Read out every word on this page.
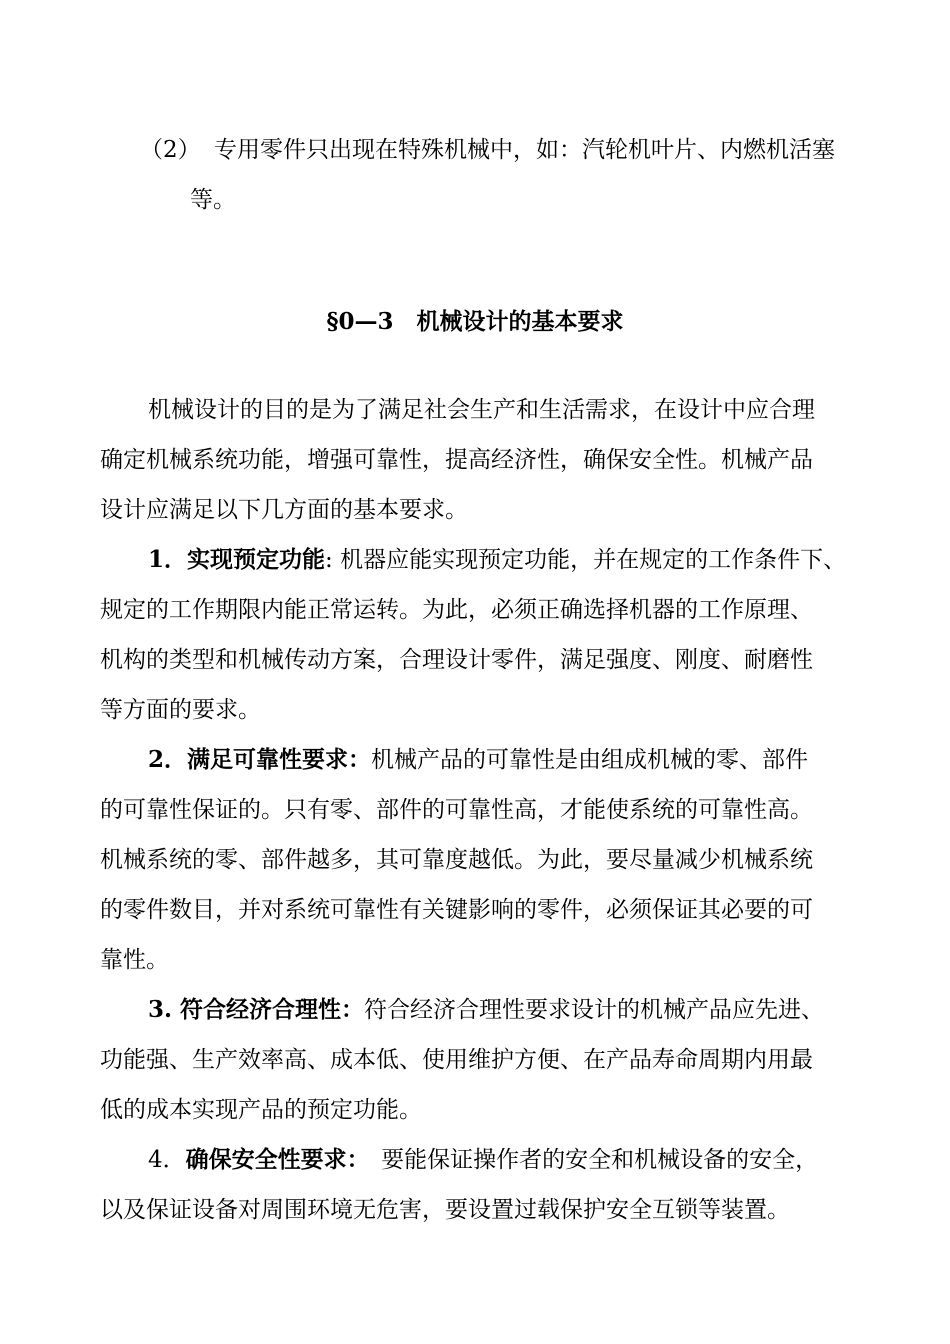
（2） 专用零件只出现在特殊机械中，如：汽轮机叶片、内燃机活塞
等。
§0—3　机械设计的基本要求
机械设计的目的是为了满足社会生产和生活需求，在设计中应合理
确定机械系统功能，增强可靠性，提高经济性，确保安全性。机械产品
设计应满足以下几方面的基本要求。
1．实现预定功能: 机器应能实现预定功能，并在规定的工作条件下、
规定的工作期限内能正常运转。为此，必须正确选择机器的工作原理、
机构的类型和机械传动方案，合理设计零件，满足强度、刚度、耐磨性
等方面的要求。
2．满足可靠性要求：机械产品的可靠性是由组成机械的零、部件
的可靠性保证的。只有零、部件的可靠性高，才能使系统的可靠性高。
机械系统的零、部件越多，其可靠度越低。为此，要尽量减少机械系统
的零件数目，并对系统可靠性有关键影响的零件，必须保证其必要的可
靠性。
3. 符合经济合理性：符合经济合理性要求设计的机械产品应先进、
功能强、生产效率高、成本低、使用维护方便、在产品寿命周期内用最
低的成本实现产品的预定功能。
4．确保安全性要求：　要能保证操作者的安全和机械设备的安全，
以及保证设备对周围环境无危害，要设置过载保护安全互锁等装置。
